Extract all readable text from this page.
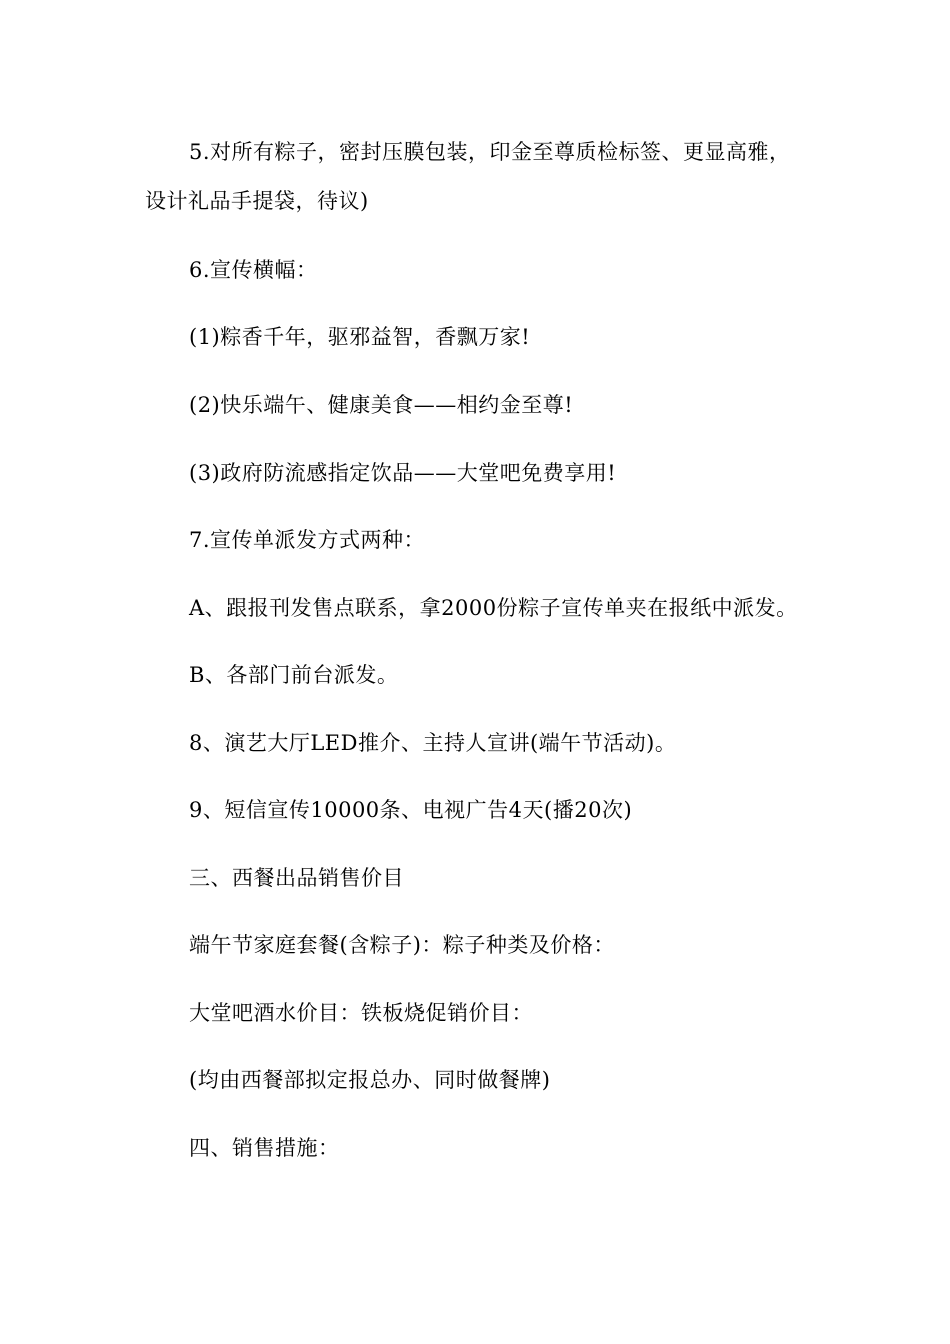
5.对所有粽子，密封压膜包装，印金至尊质检标签、更显高雅，
设计礼品手提袋，待议)
6.宣传横幅：
(1)粽香千年，驱邪益智，香飘万家!
(2)快乐端午、健康美食——相约金至尊!
(3)政府防流感指定饮品——大堂吧免费享用!
7.宣传单派发方式两种：
A、跟报刊发售点联系，拿2000份粽子宣传单夹在报纸中派发。
B、各部门前台派发。
8、演艺大厅LED推介、主持人宣讲(端午节活动)。
9、短信宣传10000条、电视广告4天(播20次)
三、西餐出品销售价目
端午节家庭套餐(含粽子)：粽子种类及价格：
大堂吧酒水价目：铁板烧促销价目：
(均由西餐部拟定报总办、同时做餐牌)
四、销售措施：
